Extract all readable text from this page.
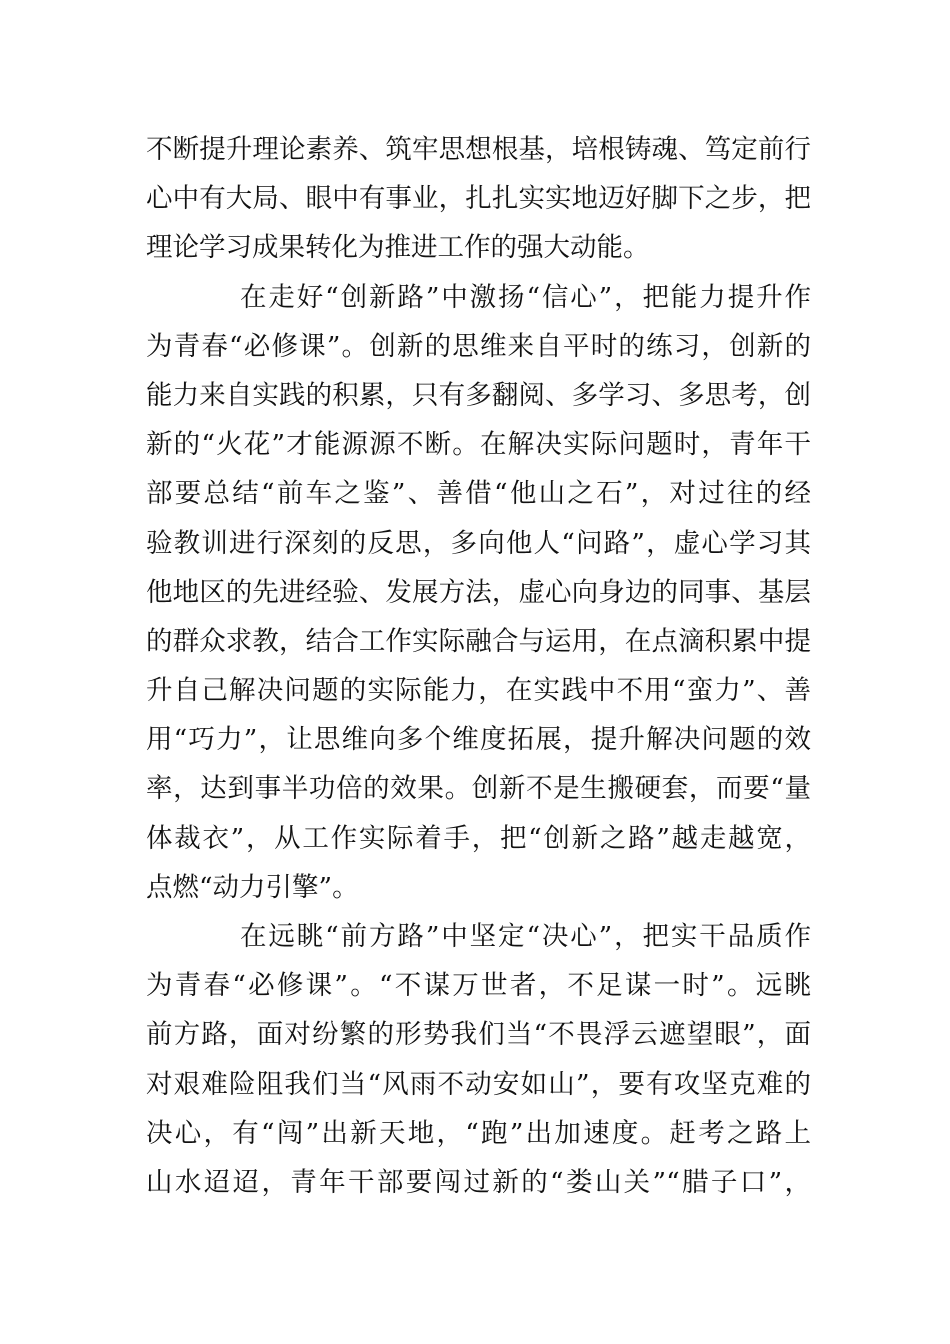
不断提升理论素养、筑牢思想根基，培根铸魂、笃定前行
心中有大局、眼中有事业，扎扎实实地迈好脚下之步，把
理论学习成果转化为推进工作的强大动能。
在走好“创新路”中激扬“信心”，把能力提升作
为青春“必修课”。创新的思维来自平时的练习，创新的
能力来自实践的积累，只有多翻阅、多学习、多思考，创
新的“火花”才能源源不断。在解决实际问题时，青年干
部要总结“前车之鉴”、善借“他山之石”，对过往的经
验教训进行深刻的反思，多向他人“问路”，虚心学习其
他地区的先进经验、发展方法，虚心向身边的同事、基层
的群众求教，结合工作实际融合与运用，在点滴积累中提
升自己解决问题的实际能力，在实践中不用“蛮力”、善
用“巧力”，让思维向多个维度拓展，提升解决问题的效
率，达到事半功倍的效果。创新不是生搬硬套，而要“量
体裁衣”，从工作实际着手，把“创新之路”越走越宽，
点燃“动力引擎”。
在远眺“前方路”中坚定“决心”，把实干品质作
为青春“必修课”。“不谋万世者，不足谋一时”。远眺
前方路，面对纷繁的形势我们当“不畏浮云遮望眼”，面
对艰难险阻我们当“风雨不动安如山”，要有攻坚克难的
决心，有“闯”出新天地，“跑”出加速度。赶考之路上
山水迢迢，青年干部要闯过新的“娄山关”“腊子口”，
